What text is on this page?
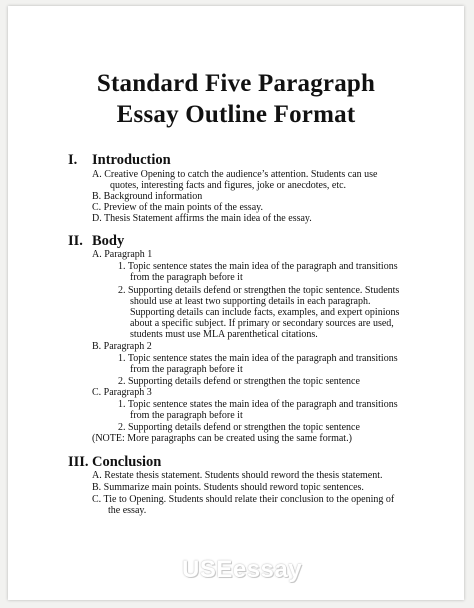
Standard Five Paragraph
Essay Outline Format
I. Introduction
A. Creative Opening to catch the audience’s attention. Students can use
quotes, interesting facts and figures, joke or anecdotes, etc.
B. Background information
C. Preview of the main points of the essay.
D. Thesis Statement affirms the main idea of the essay.
II. Body
A. Paragraph 1
1. Topic sentence states the main idea of the paragraph and transitions
from the paragraph before it
2. Supporting details defend or strengthen the topic sentence. Students
should use at least two supporting details in each paragraph.
Supporting details can include facts, examples, and expert opinions
about a specific subject. If primary or secondary sources are used,
students must use MLA parenthetical citations.
B. Paragraph 2
1. Topic sentence states the main idea of the paragraph and transitions
from the paragraph before it
2. Supporting details defend or strengthen the topic sentence
C. Paragraph 3
1. Topic sentence states the main idea of the paragraph and transitions
from the paragraph before it
2. Supporting details defend or strengthen the topic sentence
(NOTE: More paragraphs can be created using the same format.)
III. Conclusion
A. Restate thesis statement. Students should reword the thesis statement.
B. Summarize main points. Students should reword topic sentences.
C. Tie to Opening. Students should relate their conclusion to the opening of
the essay.
USEessay
